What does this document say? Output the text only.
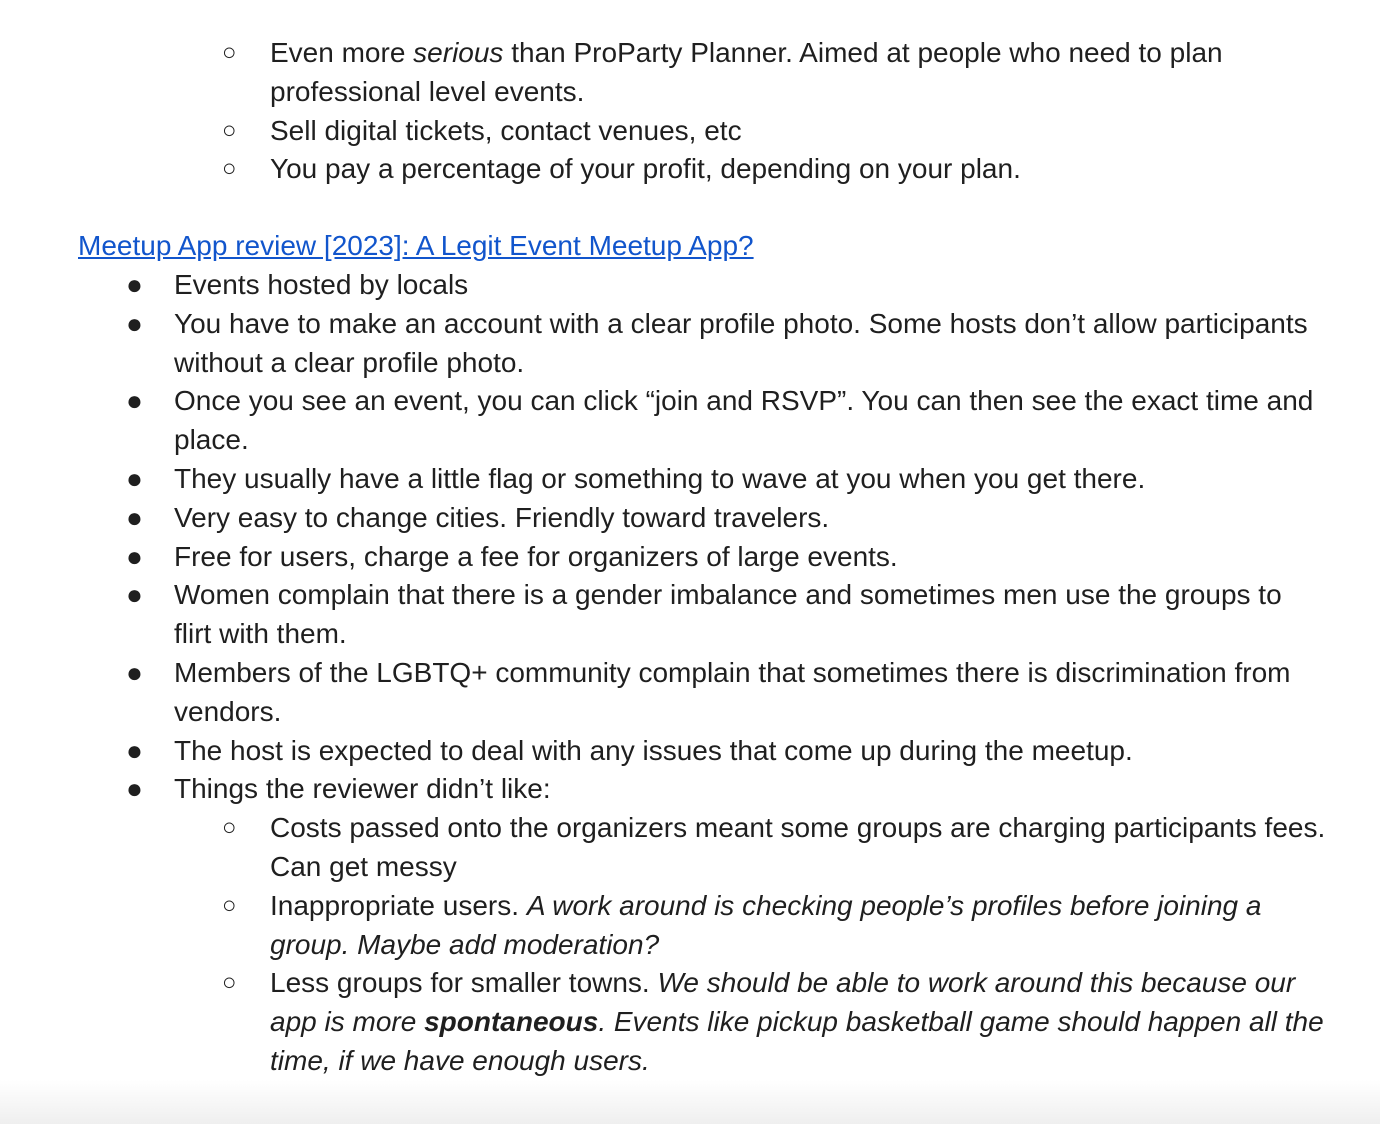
○ Even more serious than ProParty Planner. Aimed at people who need to plan professional level events.
○ Sell digital tickets, contact venues, etc
○ You pay a percentage of your profit, depending on your plan.
Meetup App review [2023]: A Legit Event Meetup App?
● Events hosted by locals
● You have to make an account with a clear profile photo. Some hosts don’t allow participants without a clear profile photo.
● Once you see an event, you can click “join and RSVP”. You can then see the exact time and place.
● They usually have a little flag or something to wave at you when you get there.
● Very easy to change cities. Friendly toward travelers.
● Free for users, charge a fee for organizers of large events.
● Women complain that there is a gender imbalance and sometimes men use the groups to flirt with them.
● Members of the LGBTQ+ community complain that sometimes there is discrimination from vendors.
● The host is expected to deal with any issues that come up during the meetup.
● Things the reviewer didn’t like:
○ Costs passed onto the organizers meant some groups are charging participants fees. Can get messy
○ Inappropriate users. A work around is checking people’s profiles before joining a group. Maybe add moderation?
○ Less groups for smaller towns. We should be able to work around this because our app is more spontaneous. Events like pickup basketball game should happen all the time, if we have enough users.
